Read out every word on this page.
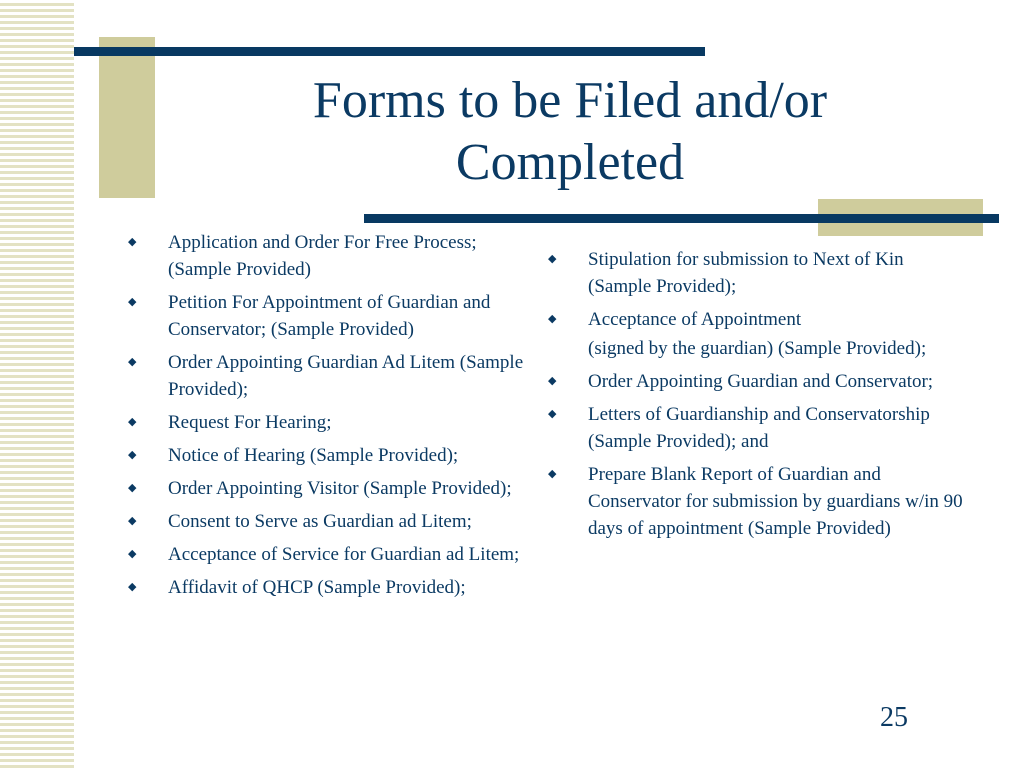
Forms to be Filed and/or Completed
◆	Application and Order For Free Process; (Sample Provided)
◆	Petition For Appointment of Guardian and Conservator; (Sample Provided)
◆	Order Appointing Guardian Ad Litem (Sample Provided);
◆	Request For Hearing;
◆	Notice of Hearing (Sample Provided);
◆	Order Appointing Visitor (Sample Provided);
◆	Consent to Serve as Guardian ad Litem;
◆	Acceptance of Service for Guardian ad Litem;
◆	Affidavit of QHCP (Sample Provided);
◆	Stipulation for submission to Next of Kin (Sample Provided);
◆	Acceptance of Appointment
(signed by the guardian) (Sample Provided);
◆	Order Appointing Guardian and Conservator;
◆	Letters of Guardianship and Conservatorship (Sample Provided); and
◆	Prepare Blank Report of Guardian and Conservator for submission by guardians w/in 90 days of appointment (Sample Provided)
25
